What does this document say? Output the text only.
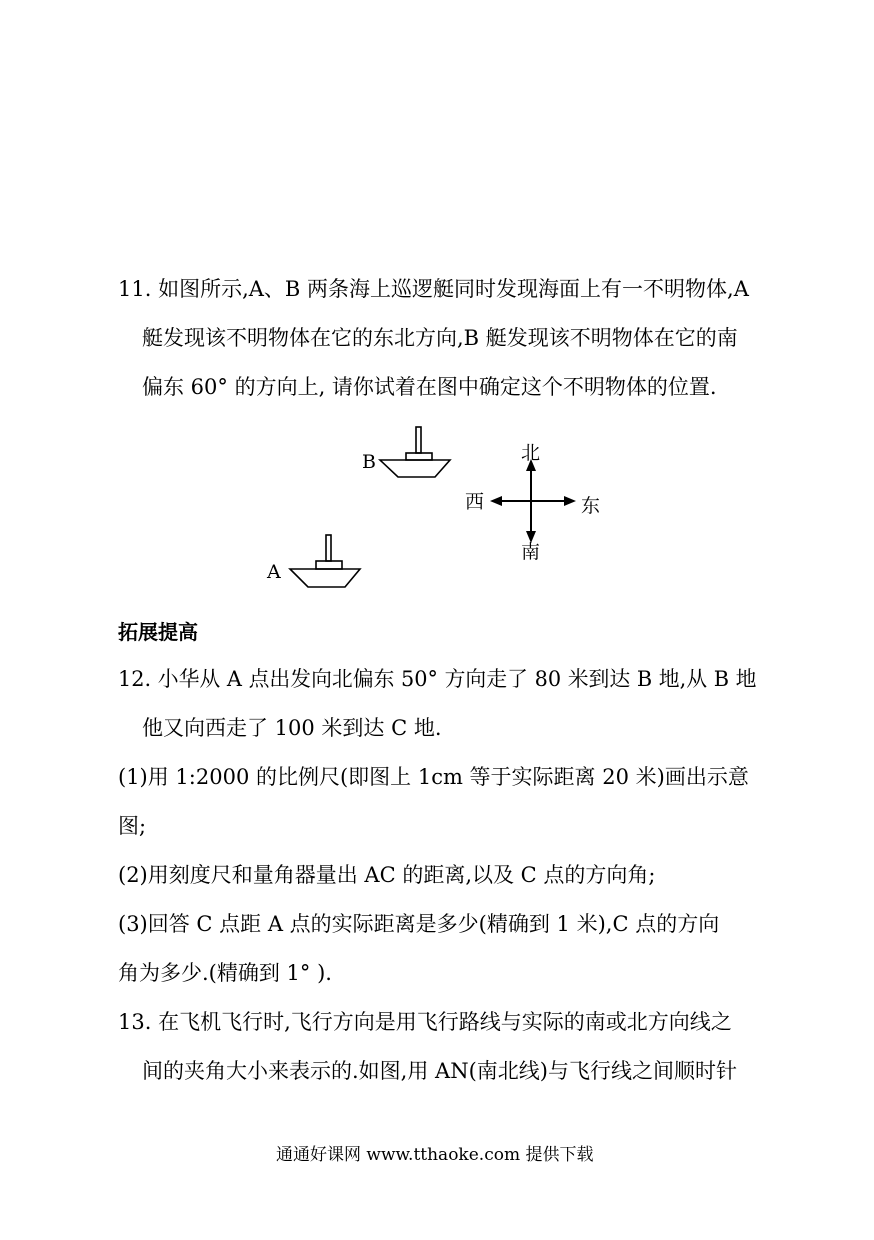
11. 如图所示,A、B 两条海上巡逻艇同时发现海面上有一不明物体,A
艇发现该不明物体在它的东北方向,B 艇发现该不明物体在它的南
偏东 60° 的方向上, 请你试着在图中确定这个不明物体的位置.
B
A
北
南
西	东
拓展提高
12. 小华从 A 点出发向北偏东 50° 方向走了 80 米到达 B 地,从 B 地
他又向西走了 100 米到达 C 地.
(1)用 1:2000 的比例尺(即图上 1cm 等于实际距离 20 米)画出示意
图;
(2)用刻度尺和量角器量出 AC 的距离,以及 C 点的方向角;
(3)回答 C 点距 A 点的实际距离是多少(精确到 1 米),C 点的方向
角为多少.(精确到 1° ).
13. 在飞机飞行时,飞行方向是用飞行路线与实际的南或北方向线之
间的夹角大小来表示的.如图,用 AN(南北线)与飞行线之间顺时针
通通好课网 www.tthaoke.com 提供下载
